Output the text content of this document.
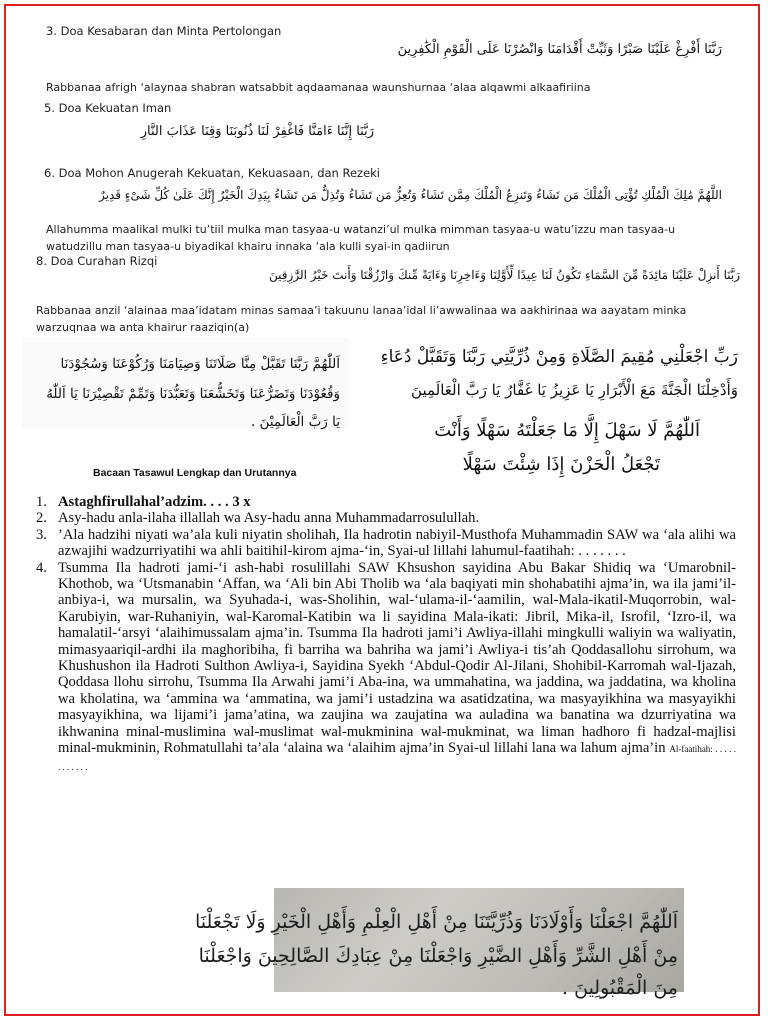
3. Doa Kesabaran dan Minta Pertolongan

رَبَّنَا أَفْرِغْ عَلَيْنَا صَبْرًا وَثَبِّتْ أَقْدَامَنَا وَانْصُرْنَا عَلَى الْقَوْمِ الْكَٰفِرِينَ

Rabbanaa afrigh ‘alaynaa shabran watsabbit aqdaamanaa waunshurnaa ‘alaa alqawmi alkaafiriina

5. Doa Kekuatan Iman

رَبَّنَا إِنَّنَا ءَامَنَّا فَاغْفِرْ لَنَا ذُنُوبَنَا وَقِنَا عَذَابَ النَّارِ

6. Doa Mohon Anugerah Kekuatan, Kekuasaan, dan Rezeki

اللَّهُمَّ مَٰلِكَ الْمُلْكِ تُؤْتِى الْمُلْكَ مَن تَشَاءُ وَتَنزِعُ الْمُلْكَ مِمَّن تَشَاءُ وَتُعِزُّ مَن تَشَاءُ وَتُذِلُّ مَن تَشَاءُ بِيَدِكَ الْخَيْرُ إِنَّكَ عَلَىٰ كُلِّ شَىْءٍ قَدِيرٌ

Allahumma maalikal mulki tu’tiil mulka man tasyaa-u watanzi’ul mulka mimman tasyaa-u watu’izzu man tasyaa-u

watudzillu man tasyaa-u biyadikal khairu innaka ‘ala kulli syai-in qadiirun

8. Doa Curahan Rizqi

رَبَّنَا أَنزِلْ عَلَيْنَا مَائِدَةً مِّنَ السَّمَاءِ تَكُونُ لَنَا عِيدًا لِّأَوَّلِنَا وَءَاخِرِنَا وَءَايَةً مِّنكَ وَارْزُقْنَا وَأَنتَ خَيْرُ الرَّٰزِقِينَ

Rabbanaa anzil ‘alainaa maa’idatam minas samaa’i takuunu lanaa’idal li’awwalinaa wa aakhirinaa wa aayatam minka

warzuqnaa wa anta khairur raaziqin(a)

اَللّٰهُمَّ رَبَّنَا تَقَبَّلْ مِنَّا صَلَاتَنَا وَصِيَامَنَا وَرُكُوْعَنَا وَسُجُوْدَنَا

وَقُعُوْدَنَا وَتَضَرُّعَنَا وَتَخَشُّعَنَا وَتَعَبُّدَنَا وَتَمِّمْ تَقْصِيْرَنَا يَا اَللّٰهُ

يَا رَبَّ الْعَالَمِيْنَ .

رَبِّ اجْعَلْنِي مُقِيمَ الصَّلَاةِ وَمِنْ ذُرِّيَّتِي رَبَّنَا وَتَقَبَّلْ دُعَاءِ

وَأَدْخِلْنَا الْجَنَّةَ مَعَ الْأَبْرَارِ يَا عَزِيزُ يَا غَفَّارُ يَا رَبَّ الْعَالَمِينَ

اَللّٰهُمَّ لَا سَهْلَ إِلَّا مَا جَعَلْتَهُ سَهْلًا وَأَنْتَ

تَجْعَلُ الْحَزْنَ إِذَا شِئْتَ سَهْلًا

Bacaan Tasawul Lengkap dan Urutannya

1. Astaghfirullahal’adzim. . . . 3 x
2. Asy-hadu anla-ilaha illallah wa Asy-hadu anna Muhammadarrosulullah.
3. ’Ala hadzihi niyati wa’ala kuli niyatin sholihah, Ila hadrotin nabiyil-Musthofa Muhammadin SAW wa ‘ala alihi wa azwajihi wadzurriyatihi wa ahli baitihil-kirom ajma-‘in, Syai-ul lillahi lahumul-faatihah: . . . . . . .
4. Tsumma Ila hadroti jami-‘i ash-habi rosulillahi SAW Khsushon sayidina Abu Bakar Shidiq wa ‘Umarobnil-Khothob, wa ‘Utsmanabin ‘Affan, wa ‘Ali bin Abi Tholib wa ‘ala baqiyati min shohabatihi ajma’in, wa ila jami’il-anbiya-i, wa mursalin, wa Syuhada-i, was-Sholihin, wal-‘ulama-il-‘aamilin, wal-Mala-ikatil-Muqorrobin, wal-Karubiyin, war-Ruhaniyin, wal-Karomal-Katibin wa li sayidina Mala-ikati: Jibril, Mika-il, Isrofil, ‘Izro-il, wa hamalatil-‘arsyi ‘alaihimussalam ajma’in. Tsumma Ila hadroti jami’i Awliya-illahi mingkulli waliyin wa waliyatin, mimasyaariqil-ardhi ila maghoribiha, fi barriha wa bahriha wa jami’i Awliya-i tis’ah Qoddasallohu sirrohum, wa Khushushon ila Hadroti Sulthon Awliya-i, Sayidina Syekh ‘Abdul-Qodir Al-Jilani, Shohibil-Karromah wal-Ijazah, Qoddasa llohu sirrohu, Tsumma Ila Arwahi jami’i Aba-ina, wa ummahatina, wa jaddina, wa jaddatina, wa kholina wa kholatina, wa ‘ammina wa ‘ammatina, wa jami’i ustadzina wa asatidzatina, wa masyayikhina wa masyayikhi masyayikhina, wa lijami’i jama’atina, wa zaujina wa zaujatina wa auladina wa banatina wa dzurriyatina wa ikhwanina minal-muslimina wal-muslimat wal-mukminina wal-mukminat, wa liman hadhoro fi hadzal-majlisi minal-mukminin, Rohmatullahi ta’ala ‘alaina wa ‘alaihim ajma’in Syai-ul lillahi lana wa lahum ajma’in Al-faatihah: . . . . . . . . . . . .

اَللّٰهُمَّ اجْعَلْنَا وَأَوْلَادَنَا وَذُرِّيَّتَنَا مِنْ أَهْلِ الْعِلْمِ وَأَهْلِ الْخَيْرِ وَلَا تَجْعَلْنَا

مِنْ أَهْلِ الشَّرِّ وَأَهْلِ الضَّيْرِ وَاجْعَلْنَا مِنْ عِبَادِكَ الصَّالِحِينَ وَاجْعَلْنَا

مِنَ الْمَقْبُولِينَ .
